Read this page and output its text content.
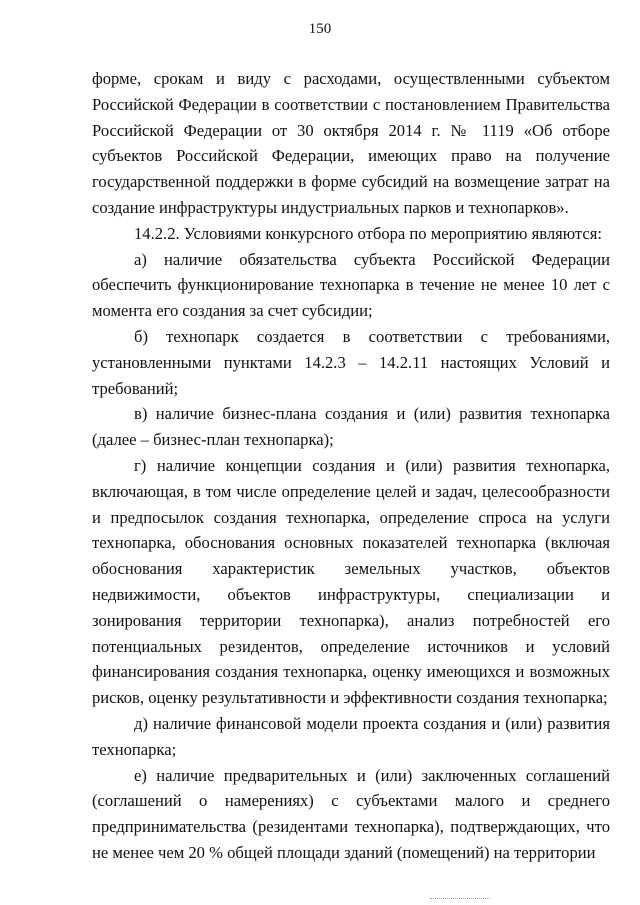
150

форме, срокам и виду с расходами, осуществленными субъектом Российской Федерации в соответствии с постановлением Правительства Российской Федерации от 30 октября 2014 г. № 1119 «Об отборе субъектов Российской Федерации, имеющих право на получение государственной поддержки в форме субсидий на возмещение затрат на создание инфраструктуры индустриальных парков и технопарков».

14.2.2. Условиями конкурсного отбора по мероприятию являются:

а) наличие обязательства субъекта Российской Федерации обеспечить функционирование технопарка в течение не менее 10 лет с момента его создания за счет субсидии;

б) технопарк создается в соответствии с требованиями, установленными пунктами 14.2.3 – 14.2.11 настоящих Условий и требований;

в) наличие бизнес-плана создания и (или) развития технопарка (далее – бизнес-план технопарка);

г) наличие концепции создания и (или) развития технопарка, включающая, в том числе определение целей и задач, целесообразности и предпосылок создания технопарка, определение спроса на услуги технопарка, обоснования основных показателей технопарка (включая обоснования характеристик земельных участков, объектов недвижимости, объектов инфраструктуры, специализации и зонирования территории технопарка), анализ потребностей его потенциальных резидентов, определение источников и условий финансирования создания технопарка, оценку имеющихся и возможных рисков, оценку результативности и эффективности создания технопарка;

д) наличие финансовой модели проекта создания и (или) развития технопарка;

е) наличие предварительных и (или) заключенных соглашений (соглашений о намерениях) с субъектами малого и среднего предпринимательства (резидентами технопарка), подтверждающих, что не менее чем 20 % общей площади зданий (помещений) на территории
